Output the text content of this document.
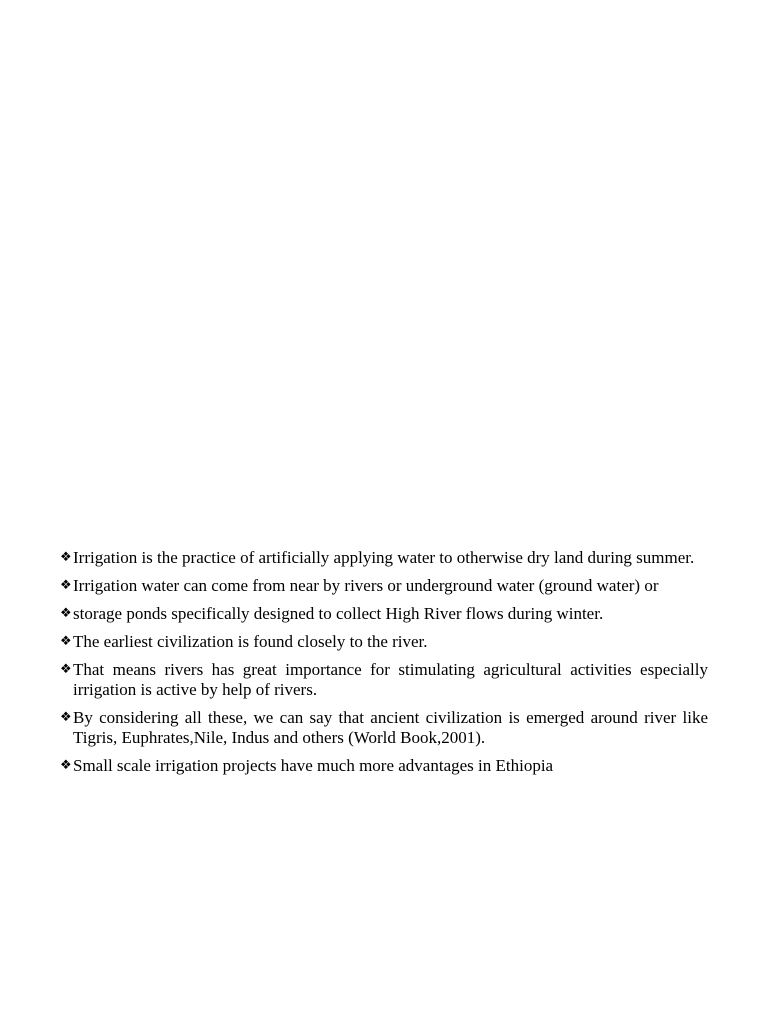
❖ Irrigation is the practice of artificially applying water to otherwise dry land during summer.
❖ Irrigation water can come from near by rivers or underground water (ground water) or
❖ storage ponds specifically designed to collect High River flows during winter.
❖ The earliest civilization is found closely to the river.
❖ That means rivers has great importance for stimulating agricultural activities especially irrigation is active by help of rivers.
❖ By considering all these, we can say that ancient civilization is emerged around river like Tigris, Euphrates,Nile, Indus and others (World Book,2001).
❖ Small scale irrigation projects have much more advantages in Ethiopia
